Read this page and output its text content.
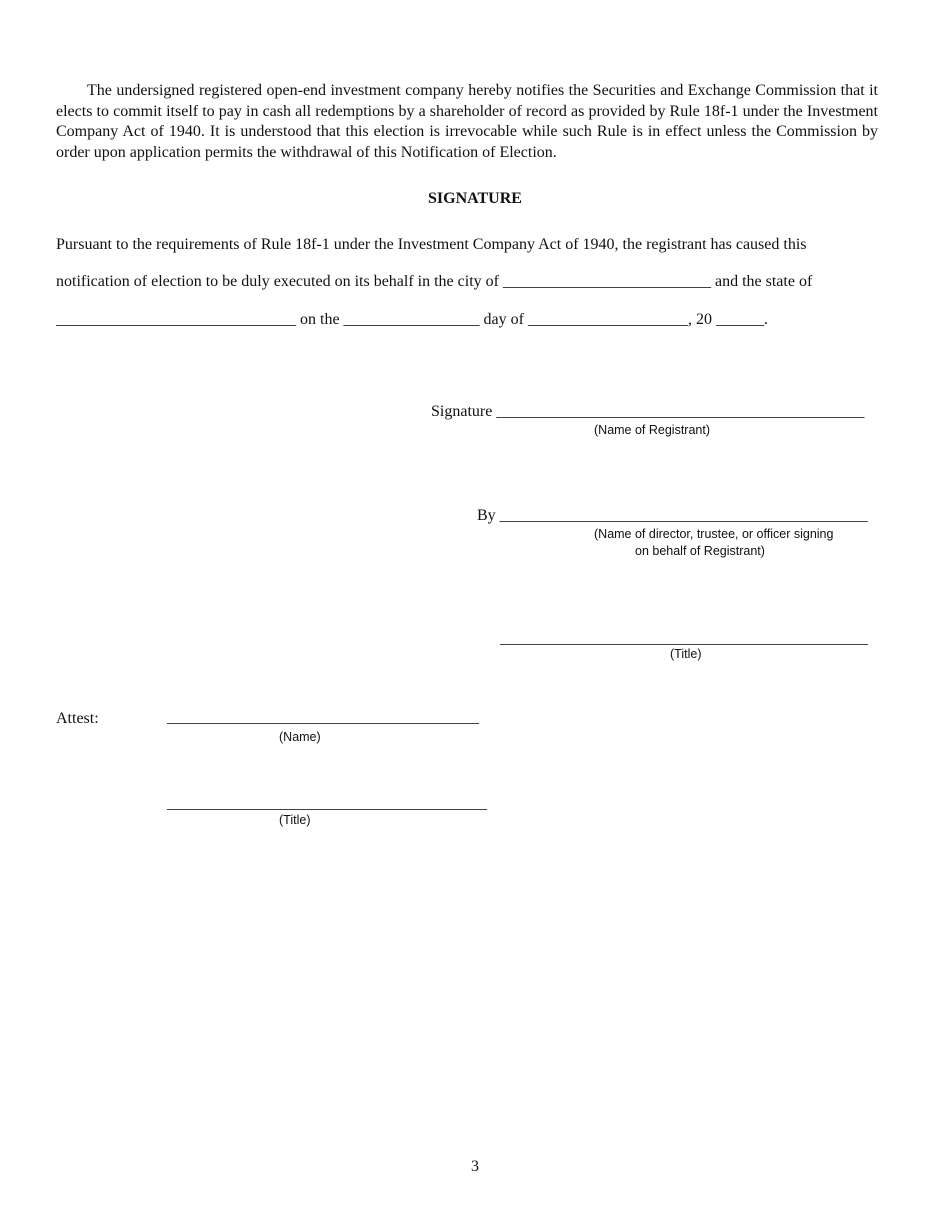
The undersigned registered open-end investment company hereby notifies the Securities and Exchange Commission that it elects to commit itself to pay in cash all redemptions by a shareholder of record as provided by Rule 18f-1 under the Investment Company Act of 1940. It is understood that this election is irrevocable while such Rule is in effect unless the Commission by order upon application permits the withdrawal of this Notification of Election.
SIGNATURE
Pursuant to the requirements of Rule 18f-1 under the Investment Company Act of 1940, the registrant has caused this
notification of election to be duly executed on its behalf in the city of __________________________ and the state of
______________________________ on the _________________ day of ____________________, 20 ______.
Signature ______________________________________________
(Name of Registrant)
By ______________________________________________
(Name of director, trustee, or officer signing
on behalf of Registrant)
______________________________________________
(Title)
Attest:	_______________________________________
(Name)
________________________________________
(Title)
3
